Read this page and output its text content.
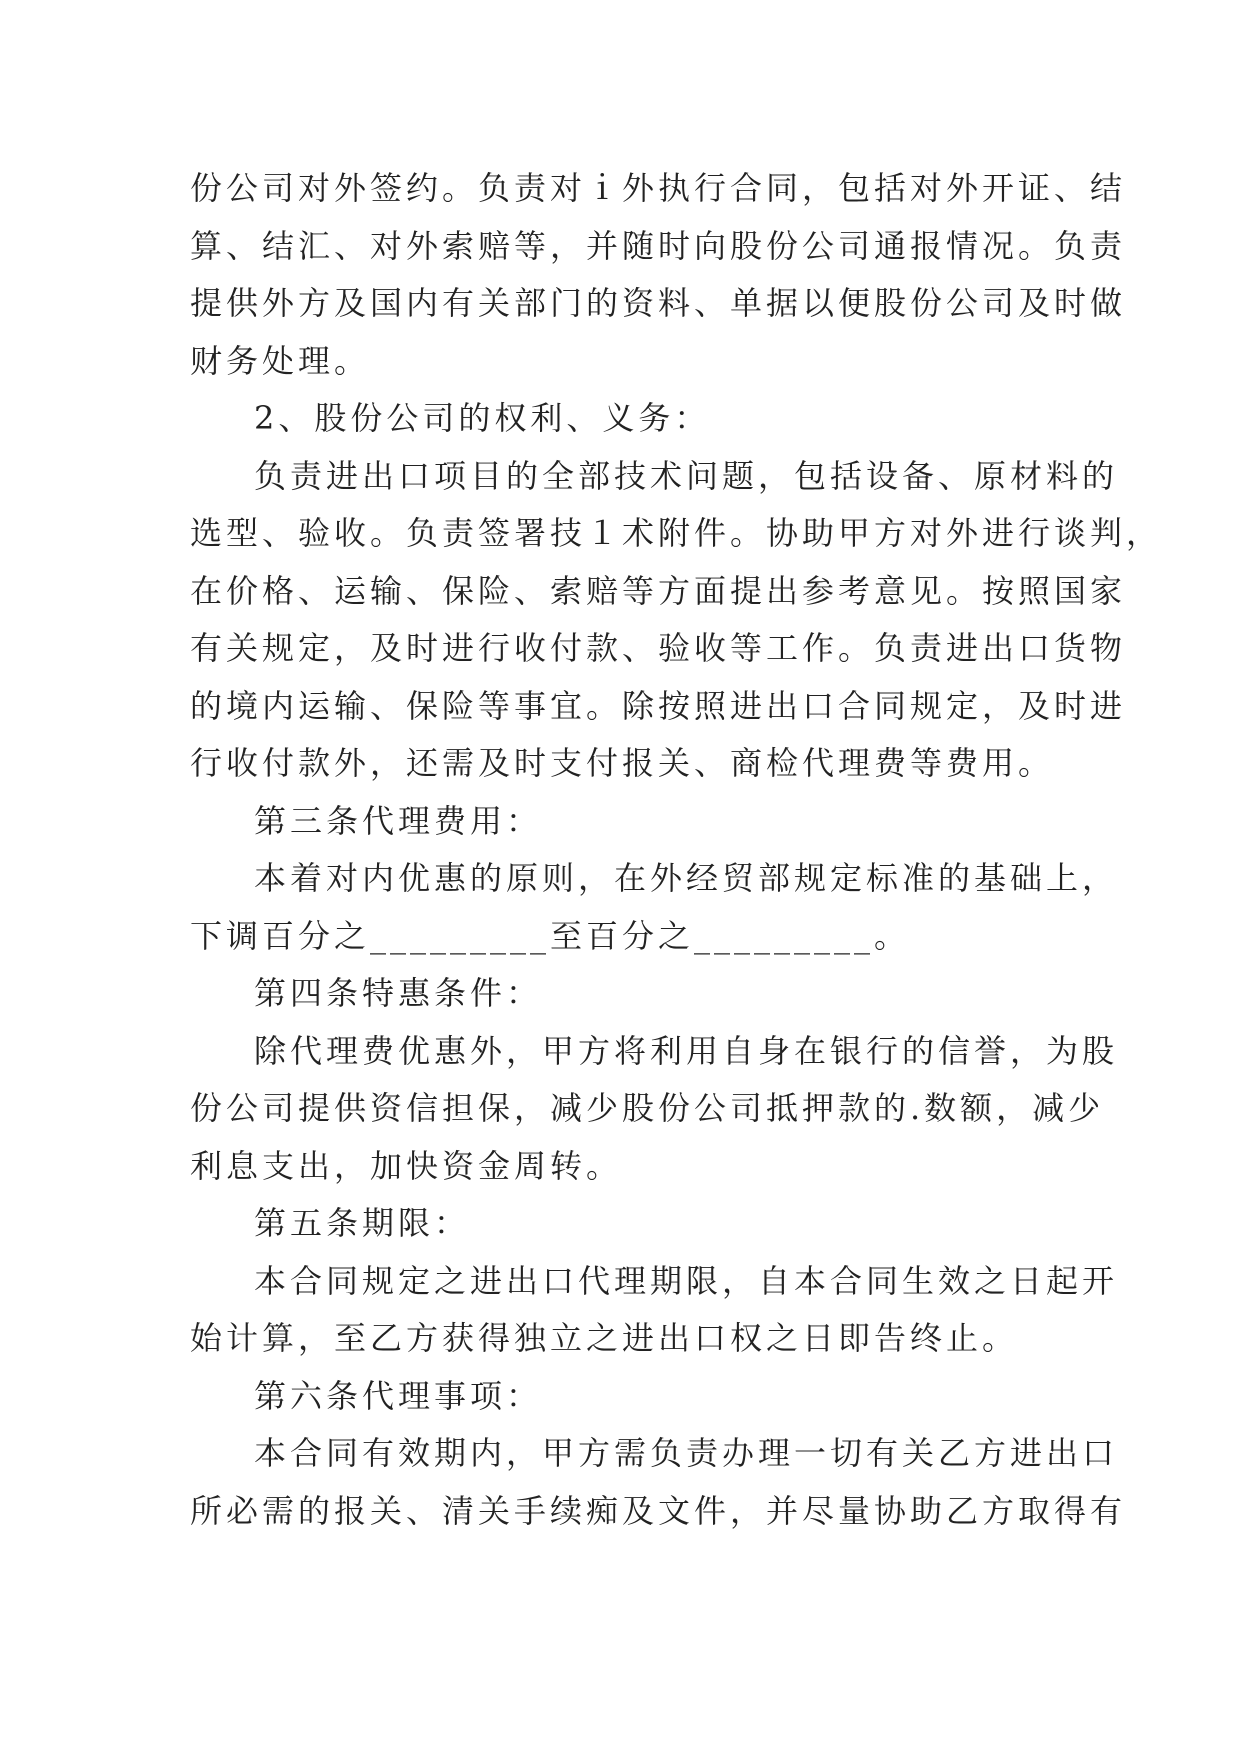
份公司对外签约。负责对ｉ外执行合同，包括对外开证、结
算、结汇、对外索赔等，并随时向股份公司通报情况。负责
提供外方及国内有关部门的资料、单据以便股份公司及时做
财务处理。

2、股份公司的权利、义务：

负责进出口项目的全部技术问题，包括设备、原材料的
选型、验收。负责签署技１术附件。协助甲方对外进行谈判，
在价格、运输、保险、索赔等方面提出参考意见。按照国家
有关规定，及时进行收付款、验收等工作。负责进出口货物
的境内运输、保险等事宜。除按照进出口合同规定，及时进
行收付款外，还需及时支付报关、商检代理费等费用。

第三条代理费用：

本着对内优惠的原则，在外经贸部规定标准的基础上，
下调百分之_________至百分之_________。

第四条特惠条件：

除代理费优惠外，甲方将利用自身在银行的信誉，为股
份公司提供资信担保，减少股份公司抵押款的.数额，减少
利息支出，加快资金周转。

第五条期限：

本合同规定之进出口代理期限，自本合同生效之日起开
始计算，至乙方获得独立之进出口权之日即告终止。

第六条代理事项：

本合同有效期内，甲方需负责办理一切有关乙方进出口
所必需的报关、清关手续痴及文件，并尽量协助乙方取得有
